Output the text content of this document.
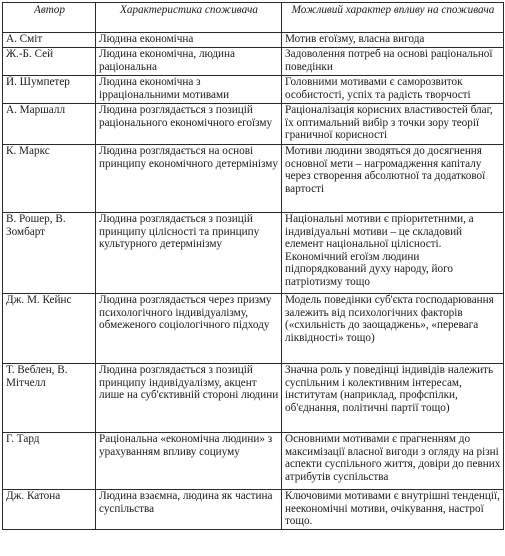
Автор	Характеристика споживача	Можливий характер впливу на споживача

А. Сміт	Людина економічна	Мотив егоїзму, власна вигода

Ж.-Б. Сей	Людина економічна, людина раціональна	Задоволення потреб на основі раціональної поведінки

Й. Шумпетер	Людина економічна з ірраціональними мотивами	Головними мотивами є саморозвиток особистості, успіх та радість творчості

А. Маршалл	Людина розглядається з позицій раціонального економічного егоїзму	Раціоналізація корисних властивостей благ, їх оптимальний вибір з точки зору теорії граничної корисності

К. Маркс	Людина розглядається на основі принципу економічного детермінізму	Мотиви людини зводяться до досягнення основної мети – нагромадження капіталу через створення абсолютної та додаткової вартості

В. Рошер, В. Зомбарт	Людина розглядається з позицій принципу цілісності та принципу культурного детермінізму	Національні мотиви є пріоритетними, а індивідуальні мотиви – це складовий елемент національної цілісності. Економічний егоїзм людини підпорядкований духу народу, його патріотизму тощо

Дж. М. Кейнс	Людина розглядається через призму психологічного індивідуалізму, обмеженого соціологічного підходу	Модель поведінки суб'єкта господарювання залежить від психологічних факторів («схильність до заощаджень», «перевага ліквідності» тощо)

Т. Веблен, В. Мітчелл	Людина розглядається з позицій принципу індивідуалізму, акцент лише на суб'єктивній стороні людини	Значна роль у поведінці індивідів належить суспільним і колективним інтересам, інститутам (наприклад, профспілки, об'єднання, політичні партії тощо)

Г. Тард	Раціональна «економічна людини» з урахуванням впливу социуму	Основними мотивами є прагненням до максимізації власної вигоди з огляду на різні аспекти суспільного життя, довіри до певних атрибутів суспільства

Дж. Катона	Людина взаємна, людина як частина суспільства	Ключовими мотивами є внутрішні тенденції, неекономічні мотиви, очікування, настрої тощо.
